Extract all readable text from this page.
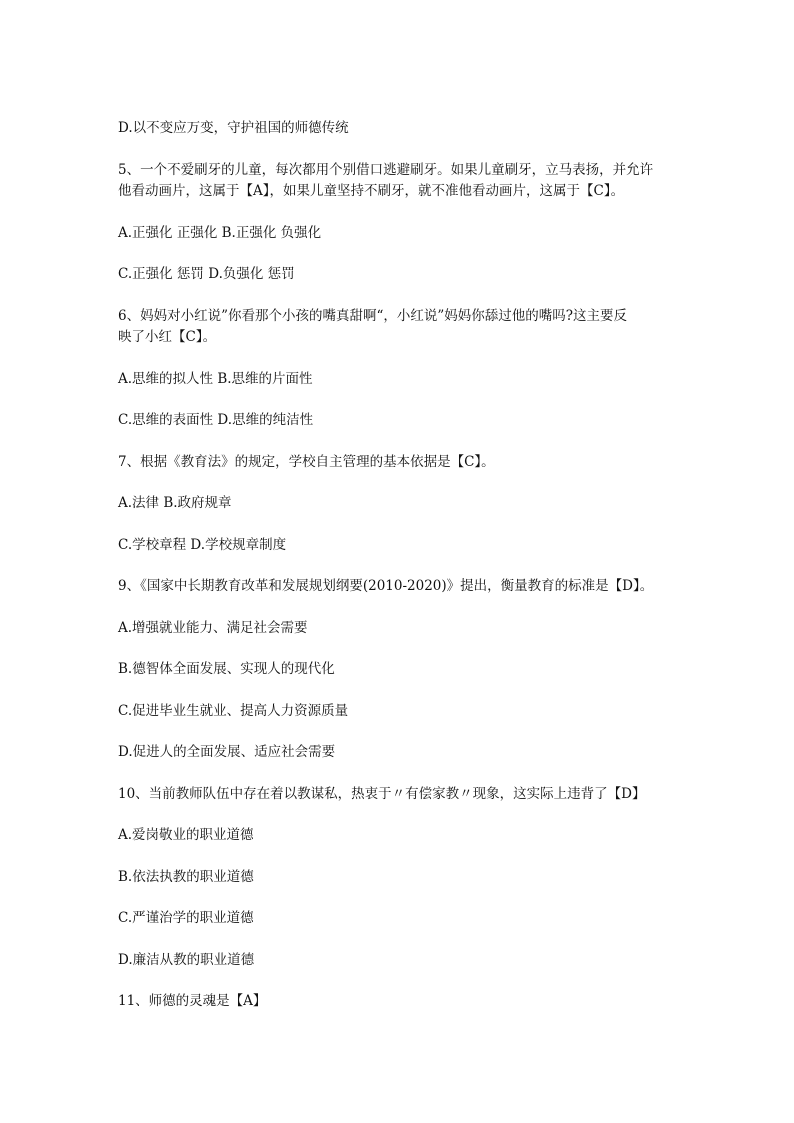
D.以不变应万变，守护祖国的师德传统

5、一个不爱刷牙的儿童，每次都用个别借口逃避刷牙。如果儿童刷牙，立马表扬，并允许

他看动画片，这属于【A】，如果儿童坚持不刷牙，就不准他看动画片，这属于【C】。

A.正强化 正强化 B.正强化 负强化

C.正强化 惩罚 D.负强化 惩罚

6、妈妈对小红说”你看那个小孩的嘴真甜啊“，小红说”妈妈你舔过他的嘴吗?这主要反

映了小红【C】。

A.思维的拟人性 B.思维的片面性

C.思维的表面性 D.思维的纯洁性

7、根据《教育法》的规定，学校自主管理的基本依据是【C】。

A.法律 B.政府规章

C.学校章程 D.学校规章制度

9、《国家中长期教育改革和发展规划纲要(2010-2020)》提出，衡量教育的标准是【D】。

A.增强就业能力、满足社会需要

B.德智体全面发展、实现人的现代化

C.促进毕业生就业、提高人力资源质量

D.促进人的全面发展、适应社会需要

10、当前教师队伍中存在着以教谋私，热衷于〃有偿家教〃现象，这实际上违背了【D】

A.爱岗敬业的职业道德

B.依法执教的职业道德

C.严谨治学的职业道德

D.廉洁从教的职业道德

11、师德的灵魂是【A】
